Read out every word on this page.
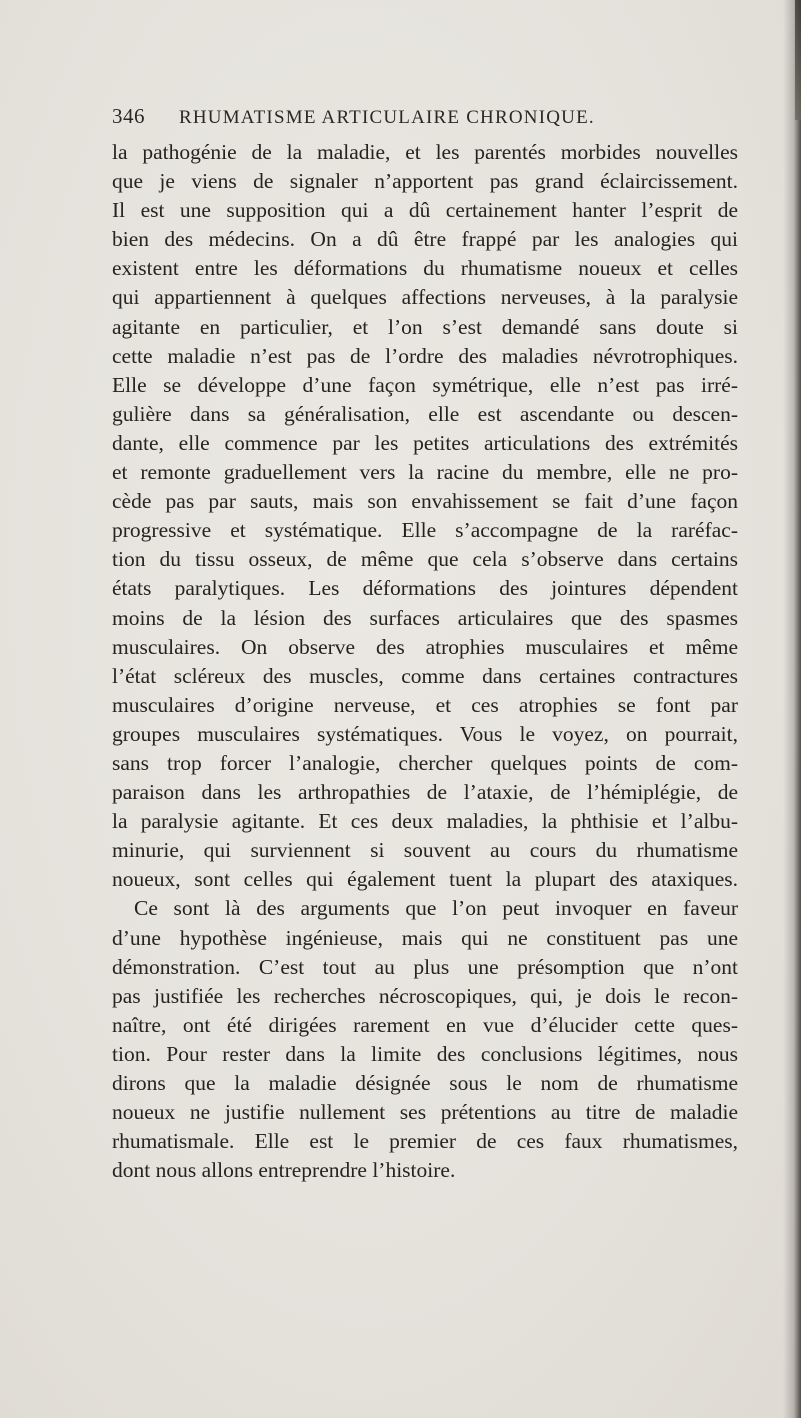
346 RHUMATISME ARTICULAIRE CHRONIQUE.
la pathogénie de la maladie, et les parentés morbides nouvelles
que je viens de signaler n’apportent pas grand éclaircissement.
Il est une supposition qui a dû certainement hanter l’esprit de
bien des médecins. On a dû être frappé par les analogies qui
existent entre les déformations du rhumatisme noueux et celles
qui appartiennent à quelques affections nerveuses, à la paralysie
agitante en particulier, et l’on s’est demandé sans doute si
cette maladie n’est pas de l’ordre des maladies névrotrophiques.
Elle se développe d’une façon symétrique, elle n’est pas irré-
gulière dans sa généralisation, elle est ascendante ou descen-
dante, elle commence par les petites articulations des extrémités
et remonte graduellement vers la racine du membre, elle ne pro-
cède pas par sauts, mais son envahissement se fait d’une façon
progressive et systématique. Elle s’accompagne de la raréfac-
tion du tissu osseux, de même que cela s’observe dans certains
états paralytiques. Les déformations des jointures dépendent
moins de la lésion des surfaces articulaires que des spasmes
musculaires. On observe des atrophies musculaires et même
l’état scléreux des muscles, comme dans certaines contractures
musculaires d’origine nerveuse, et ces atrophies se font par
groupes musculaires systématiques. Vous le voyez, on pourrait,
sans trop forcer l’analogie, chercher quelques points de com-
paraison dans les arthropathies de l’ataxie, de l’hémiplégie, de
la paralysie agitante. Et ces deux maladies, la phthisie et l’albu-
minurie, qui surviennent si souvent au cours du rhumatisme
noueux, sont celles qui également tuent la plupart des ataxiques.
Ce sont là des arguments que l’on peut invoquer en faveur
d’une hypothèse ingénieuse, mais qui ne constituent pas une
démonstration. C’est tout au plus une présomption que n’ont
pas justifiée les recherches nécroscopiques, qui, je dois le recon-
naître, ont été dirigées rarement en vue d’élucider cette ques-
tion. Pour rester dans la limite des conclusions légitimes, nous
dirons que la maladie désignée sous le nom de rhumatisme
noueux ne justifie nullement ses prétentions au titre de maladie
rhumatismale. Elle est le premier de ces faux rhumatismes,
dont nous allons entreprendre l’histoire.
